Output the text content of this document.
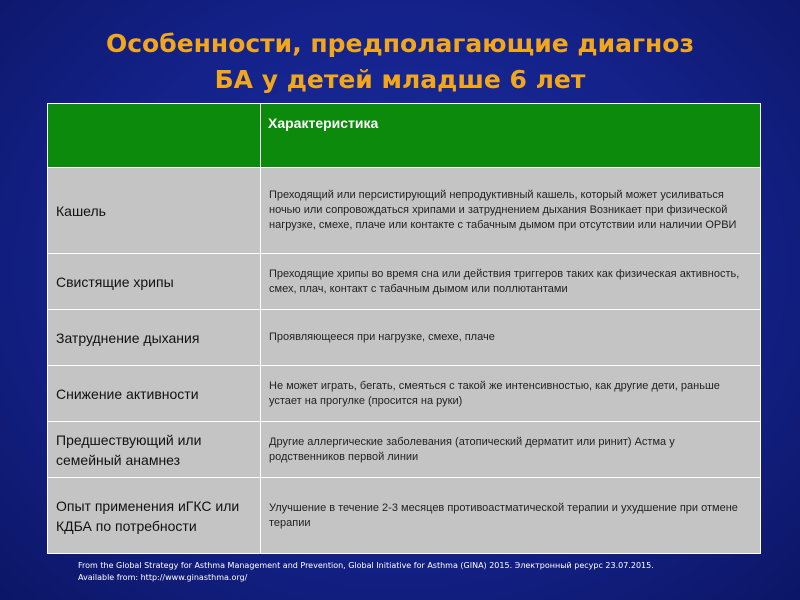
Особенности, предполагающие диагноз
БА у детей младше 6 лет
	Характеристика
Кашель	Преходящий или персистирующий непродуктивный кашель, который может усиливаться ночью или сопровождаться хрипами и затруднением дыхания Возникает при физической нагрузке, смехе, плаче или контакте с табачным дымом при отсутствии или наличии ОРВИ
Свистящие хрипы	Преходящие хрипы во время сна или действия триггеров таких как физическая активность, смех, плач, контакт с табачным дымом или поллютантами
Затруднение дыхания	Проявляющееся при нагрузке, смехе, плаче
Снижение активности	Не может играть, бегать, смеяться с такой же интенсивностью, как другие дети, раньше устает на прогулке (просится на руки)
Предшествующий или семейный анамнез	Другие аллергические заболевания (атопический дерматит или ринит) Астма у родственников первой линии
Опыт применения иГКС или КДБА по потребности	Улучшение в течение 2-3 месяцев противоастматической терапии и ухудшение при отмене терапии
From the Global Strategy for Asthma Management and Prevention, Global Initiative for Asthma (GINA) 2015. Электронный ресурс 23.07.2015.
Available from: http://www.ginasthma.org/
